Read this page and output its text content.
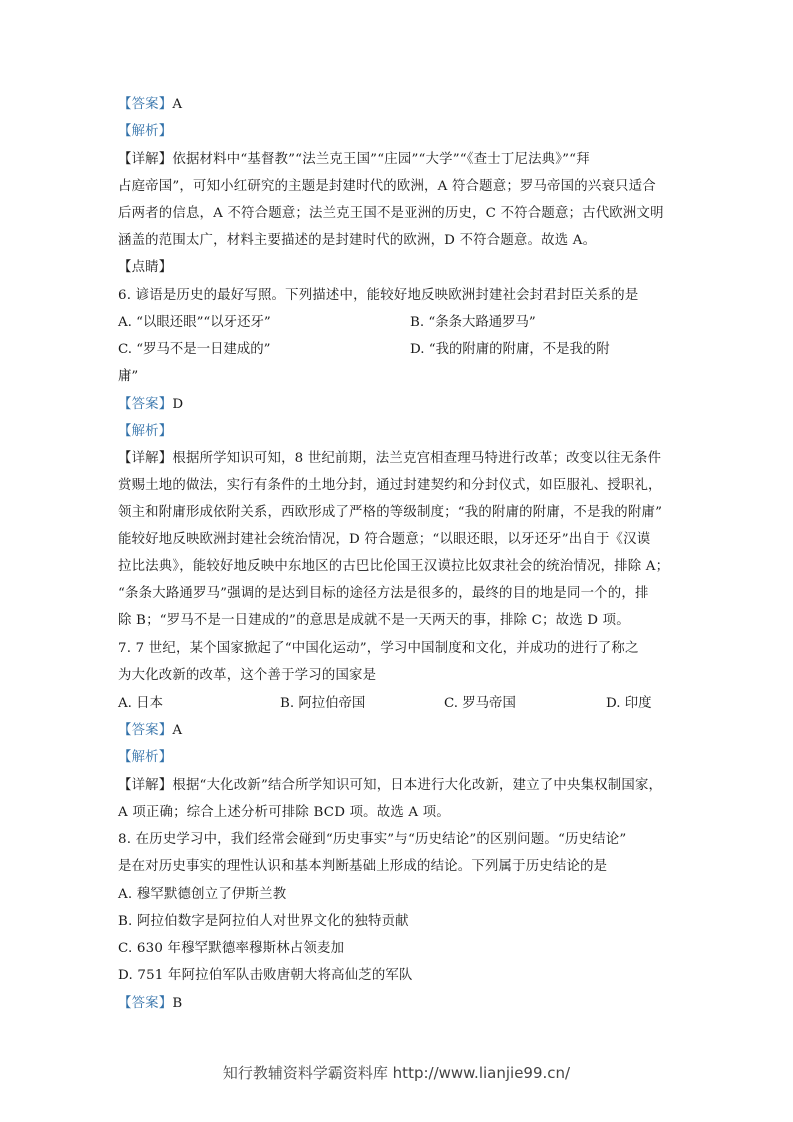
【答案】A
【解析】
【详解】依据材料中“基督教”“法兰克王国”“庄园”“大学”“《查士丁尼法典》”“拜
占庭帝国”，可知小红研究的主题是封建时代的欧洲，A 符合题意；罗马帝国的兴衰只适合
后两者的信息，A 不符合题意；法兰克王国不是亚洲的历史，C 不符合题意；古代欧洲文明
涵盖的范围太广，材料主要描述的是封建时代的欧洲，D 不符合题意。故选 A。
【点睛】
6. 谚语是历史的最好写照。下列描述中，能较好地反映欧洲封建社会封君封臣关系的是
A. “以眼还眼”“以牙还牙”	B. “条条大路通罗马”
C. “罗马不是一日建成的”	D. “我的附庸的附庸，不是我的附
庸”
【答案】D
【解析】
【详解】根据所学知识可知，8 世纪前期，法兰克宫相查理马特进行改革；改变以往无条件
赏赐土地的做法，实行有条件的土地分封，通过封建契约和分封仪式，如臣服礼、授职礼，
领主和附庸形成依附关系，西欧形成了严格的等级制度；“我的附庸的附庸，不是我的附庸”
能较好地反映欧洲封建社会统治情况，D 符合题意；“以眼还眼，以牙还牙”出自于《汉谟
拉比法典》，能较好地反映中东地区的古巴比伦国王汉谟拉比奴隶社会的统治情况，排除 A；
“条条大路通罗马”强调的是达到目标的途径方法是很多的，最终的目的地是同一个的，排
除 B；“罗马不是一日建成的”的意思是成就不是一天两天的事，排除 C；故选 D 项。
7. 7 世纪，某个国家掀起了“中国化运动”，学习中国制度和文化，并成功的进行了称之
为大化改新的改革，这个善于学习的国家是
A. 日本	B. 阿拉伯帝国	C. 罗马帝国	D. 印度
【答案】A
【解析】
【详解】根据“大化改新”结合所学知识可知，日本进行大化改新，建立了中央集权制国家，
A 项正确；综合上述分析可排除 BCD 项。故选 A 项。
8. 在历史学习中，我们经常会碰到“历史事实”与“历史结论”的区别问题。“历史结论”
是在对历史事实的理性认识和基本判断基础上形成的结论。下列属于历史结论的是
A. 穆罕默德创立了伊斯兰教
B. 阿拉伯数字是阿拉伯人对世界文化的独特贡献
C. 630 年穆罕默德率穆斯林占领麦加
D. 751 年阿拉伯军队击败唐朝大将高仙芝的军队
【答案】B
知行教辅资料学霸资料库 http://www.lianjie99.cn/
